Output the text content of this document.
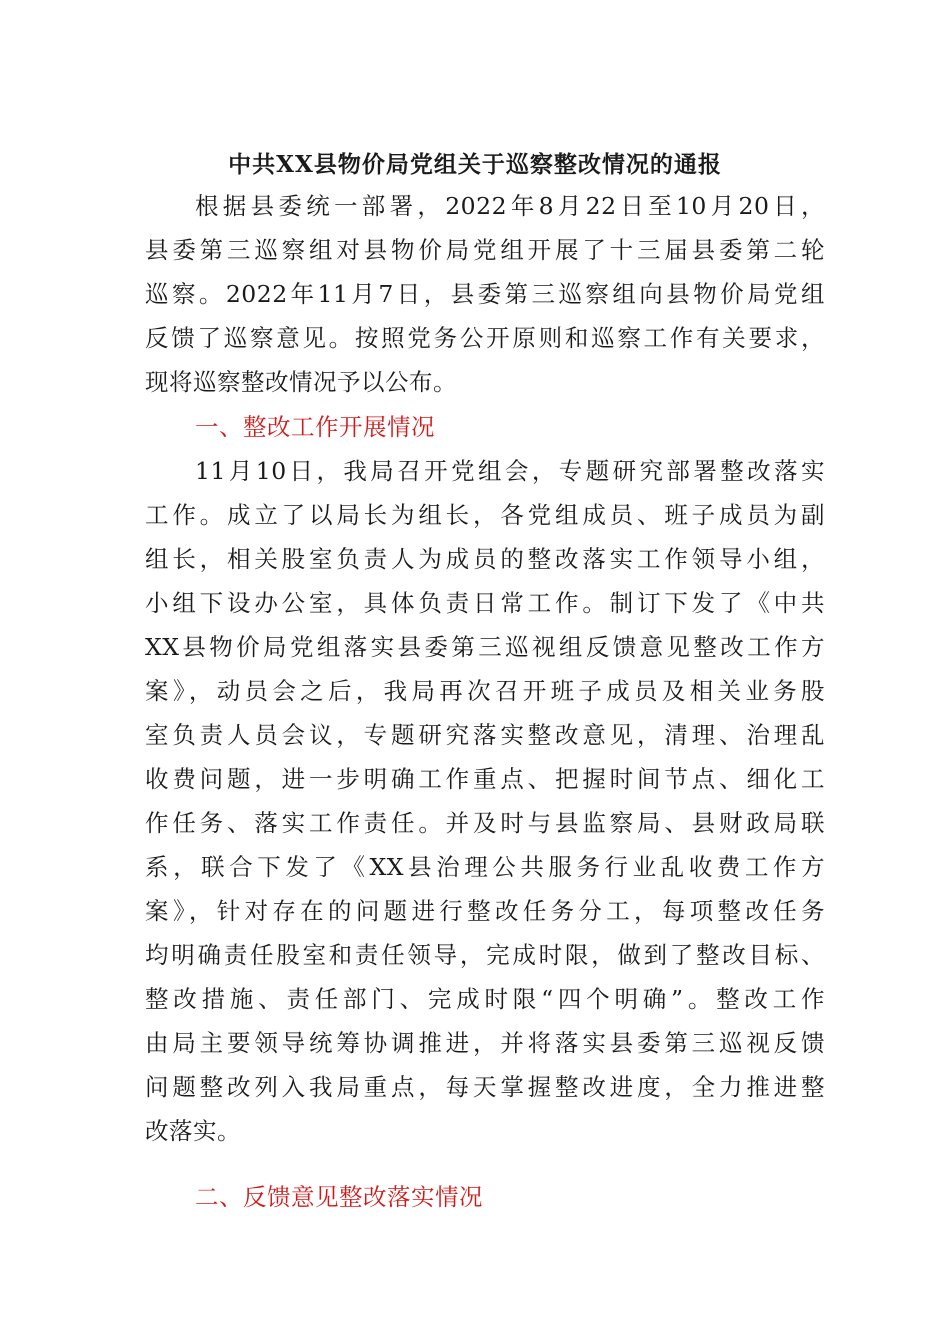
中共XX县物价局党组关于巡察整改情况的通报

根据县委统一部署，2022年8月22日至10月20日，

县委第三巡察组对县物价局党组开展了十三届县委第二轮

巡察。2022年11月7日，县委第三巡察组向县物价局党组

反馈了巡察意见。按照党务公开原则和巡察工作有关要求，

现将巡察整改情况予以公布。

一、整改工作开展情况

11月10日，我局召开党组会，专题研究部署整改落实

工作。成立了以局长为组长，各党组成员、班子成员为副

组长，相关股室负责人为成员的整改落实工作领导小组，

小组下设办公室，具体负责日常工作。制订下发了《中共

XX县物价局党组落实县委第三巡视组反馈意见整改工作方

案》，动员会之后，我局再次召开班子成员及相关业务股

室负责人员会议，专题研究落实整改意见，清理、治理乱

收费问题，进一步明确工作重点、把握时间节点、细化工

作任务、落实工作责任。并及时与县监察局、县财政局联

系，联合下发了《XX县治理公共服务行业乱收费工作方

案》，针对存在的问题进行整改任务分工，每项整改任务

均明确责任股室和责任领导，完成时限，做到了整改目标、

整改措施、责任部门、完成时限“四个明确”。整改工作

由局主要领导统筹协调推进，并将落实县委第三巡视反馈

问题整改列入我局重点，每天掌握整改进度，全力推进整

改落实。

二、反馈意见整改落实情况
